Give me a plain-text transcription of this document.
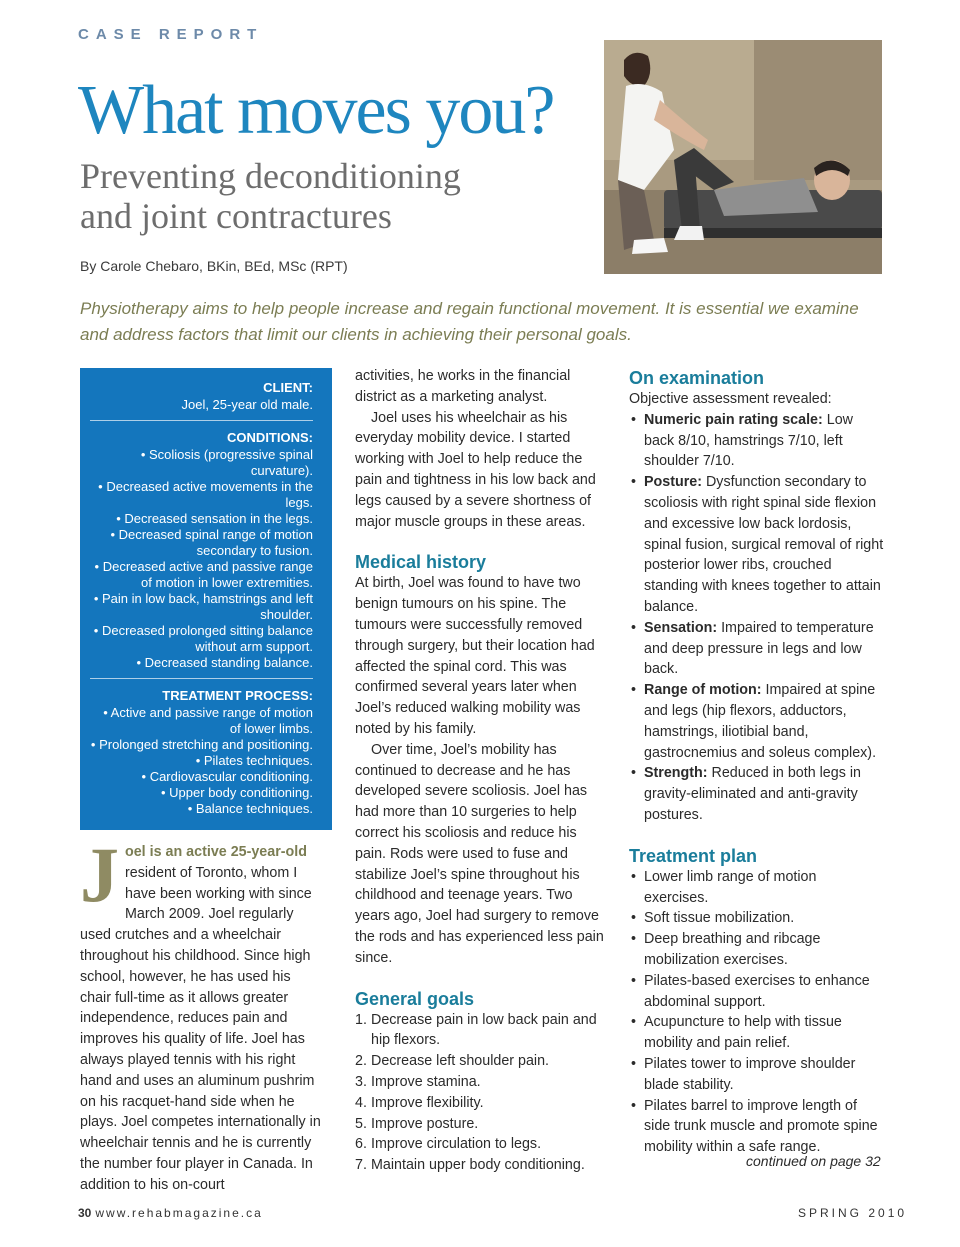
CASE REPORT
What moves you?
Preventing deconditioning
and joint contractures
By Carole Chebaro, BKin, BEd, MSc (RPT)
Physiotherapy aims to help people increase and regain functional movement. It is essential we examine and address factors that limit our clients in achieving their personal goals.
CLIENT:
Joel, 25-year old male.
CONDITIONS:
• Scoliosis (progressive spinal curvature).
• Decreased active movements in the legs.
• Decreased sensation in the legs.
• Decreased spinal range of motion secondary to fusion.
• Decreased active and passive range of motion in lower extremities.
• Pain in low back, hamstrings and left shoulder.
• Decreased prolonged sitting balance without arm support.
• Decreased standing balance.
TREATMENT PROCESS:
• Active and passive range of motion of lower limbs.
• Prolonged stretching and positioning.
• Pilates techniques.
• Cardiovascular conditioning.
• Upper body conditioning.
• Balance techniques.
J oel is an active 25-year-old resident of Toronto, whom I have been working with since March 2009. Joel regularly used crutches and a wheelchair throughout his childhood. Since high school, however, he has used his chair full-time as it allows greater independence, reduces pain and improves his quality of life. Joel has always played tennis with his right hand and uses an aluminum pushrim on his racquet-hand side when he plays. Joel competes internationally in wheelchair tennis and he is currently the number four player in Canada. In addition to his on-court

activities, he works in the financial district as a marketing analyst.

Joel uses his wheelchair as his everyday mobility device. I started working with Joel to help reduce the pain and tightness in his low back and legs caused by a severe shortness of major muscle groups in these areas.

Medical history

At birth, Joel was found to have two benign tumours on his spine. The tumours were successfully removed through surgery, but their location had affected the spinal cord. This was confirmed several years later when Joel’s reduced walking mobility was noted by his family.

Over time, Joel’s mobility has continued to decrease and he has developed severe scoliosis. Joel has had more than 10 surgeries to help correct his scoliosis and reduce his pain. Rods were used to fuse and stabilize Joel’s spine throughout his childhood and teenage years. Two years ago, Joel had surgery to remove the rods and has experienced less pain since.

General goals

1. Decrease pain in low back pain and hip flexors.
2. Decrease left shoulder pain.
3. Improve stamina.
4. Improve flexibility.
5. Improve posture.
6. Improve circulation to legs.
7. Maintain upper body conditioning.

On examination

Objective assessment revealed:

• Numeric pain rating scale: Low back 8/10, hamstrings 7/10, left shoulder 7/10.
• Posture: Dysfunction secondary to scoliosis with right spinal side flexion and excessive low back lordosis, spinal fusion, surgical removal of right posterior lower ribs, crouched standing with knees together to attain balance.
• Sensation: Impaired to temperature and deep pressure in legs and low back.
• Range of motion: Impaired at spine and legs (hip flexors, adductors, hamstrings, iliotibial band, gastrocnemius and soleus complex).
• Strength: Reduced in both legs in gravity-eliminated and anti-gravity postures.

Treatment plan

• Lower limb range of motion exercises.
• Soft tissue mobilization.
• Deep breathing and ribcage mobilization exercises.
• Pilates-based exercises to enhance abdominal support.
• Acupuncture to help with tissue mobility and pain relief.
• Pilates tower to improve shoulder blade stability.
• Pilates barrel to improve length of side trunk muscle and promote spine mobility within a safe range.
continued on page 32
30 www.rehabmagazine.ca	SPRING 2010
